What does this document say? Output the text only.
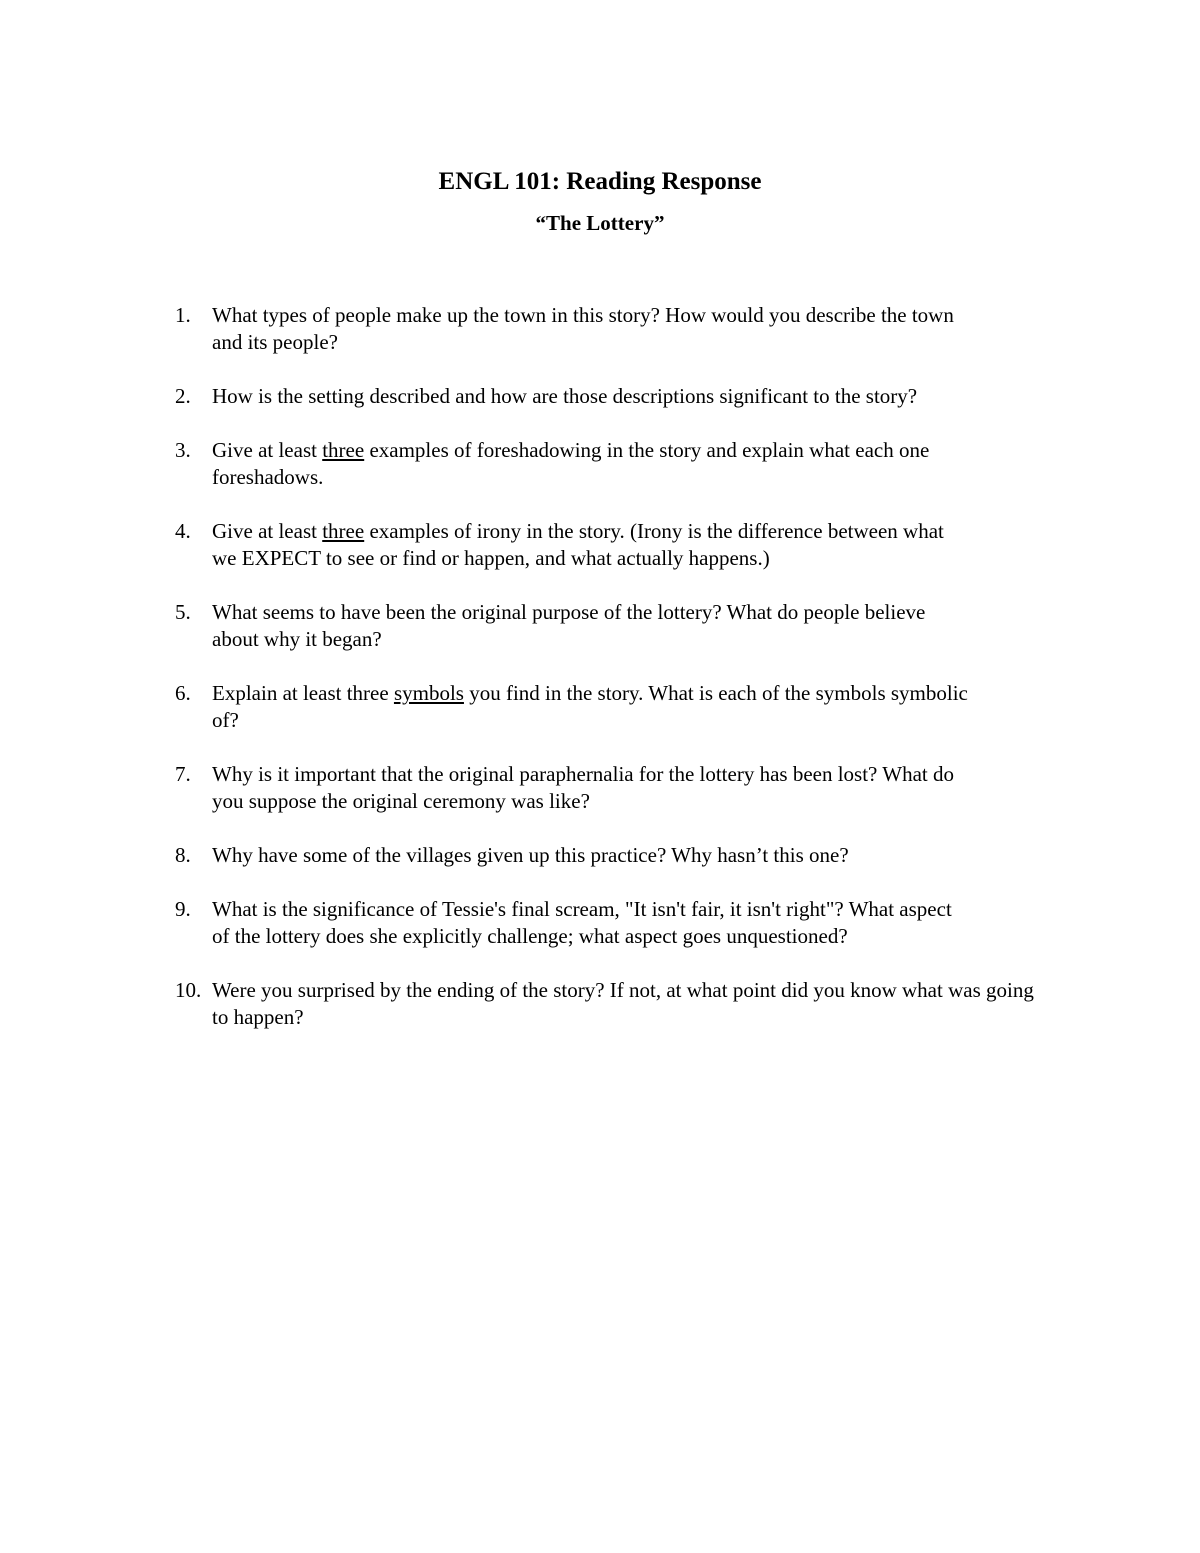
ENGL 101: Reading Response
“The Lottery”
1. What types of people make up the town in this story? How would you describe the town
and its people?
2. How is the setting described and how are those descriptions significant to the story?
3. Give at least three examples of foreshadowing in the story and explain what each one
foreshadows.
4. Give at least three examples of irony in the story. (Irony is the difference between what
we EXPECT to see or find or happen, and what actually happens.)
5. What seems to have been the original purpose of the lottery? What do people believe
about why it began?
6. Explain at least three symbols you find in the story. What is each of the symbols symbolic
of?
7. Why is it important that the original paraphernalia for the lottery has been lost? What do
you suppose the original ceremony was like?
8. Why have some of the villages given up this practice? Why hasn’t this one?
9. What is the significance of Tessie's final scream, "It isn't fair, it isn't right"? What aspect
of the lottery does she explicitly challenge; what aspect goes unquestioned?
10. Were you surprised by the ending of the story? If not, at what point did you know what was going
to happen?
